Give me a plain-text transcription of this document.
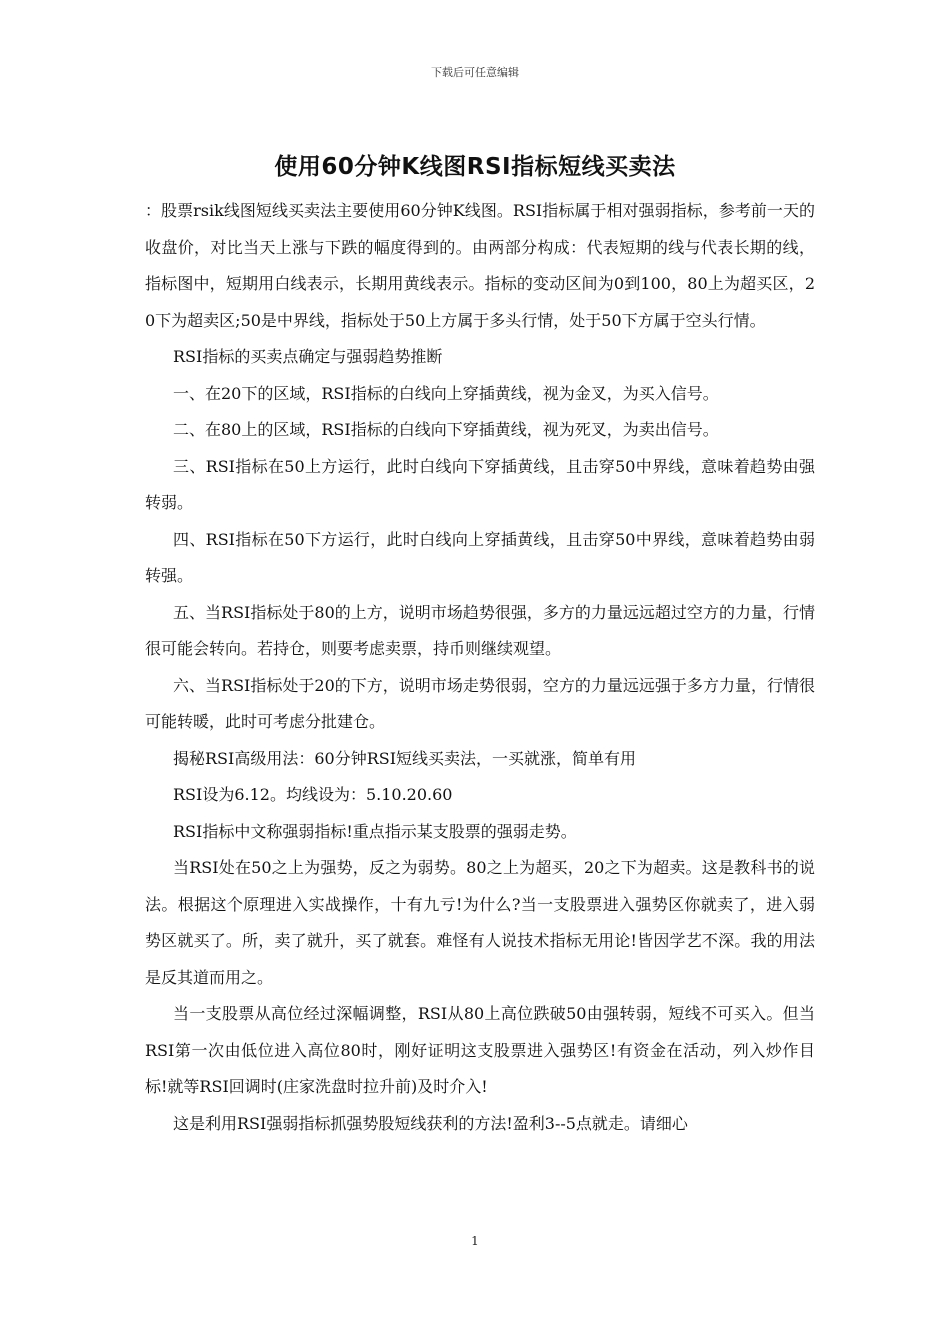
下载后可任意编辑
使用60分钟K线图RSI指标短线买卖法

：股票rsik线图短线买卖法主要使用60分钟K线图。RSI指标属于相对强弱指标，参考前一天的收盘价，对比当天上涨与下跌的幅度得到的。由两部分构成：代表短期的线与代表长期的线，指标图中，短期用白线表示，长期用黄线表示。指标的变动区间为0到100，80上为超买区，20下为超卖区;50是中界线，指标处于50上方属于多头行情，处于50下方属于空头行情。

RSI指标的买卖点确定与强弱趋势推断

一、在20下的区域，RSI指标的白线向上穿插黄线，视为金叉，为买入信号。

二、在80上的区域，RSI指标的白线向下穿插黄线，视为死叉，为卖出信号。

三、RSI指标在50上方运行，此时白线向下穿插黄线，且击穿50中界线，意味着趋势由强转弱。

四、RSI指标在50下方运行，此时白线向上穿插黄线，且击穿50中界线，意味着趋势由弱转强。

五、当RSI指标处于80的上方，说明市场趋势很强，多方的力量远远超过空方的力量，行情很可能会转向。若持仓，则要考虑卖票，持币则继续观望。

六、当RSI指标处于20的下方，说明市场走势很弱，空方的力量远远强于多方力量，行情很可能转暖，此时可考虑分批建仓。

揭秘RSI高级用法：60分钟RSI短线买卖法，一买就涨，简单有用

RSI设为6.12。均线设为：5.10.20.60

RSI指标中文称强弱指标!重点指示某支股票的强弱走势。

当RSI处在50之上为强势，反之为弱势。80之上为超买，20之下为超卖。这是教科书的说法。根据这个原理进入实战操作，十有九亏!为什么?当一支股票进入强势区你就卖了，进入弱势区就买了。所，卖了就升，买了就套。难怪有人说技术指标无用论!皆因学艺不深。我的用法是反其道而用之。

当一支股票从高位经过深幅调整，RSI从80上高位跌破50由强转弱，短线不可买入。但当RSI第一次由低位进入高位80时，刚好证明这支股票进入强势区!有资金在活动，列入炒作目标!就等RSI回调时(庄家洗盘时拉升前)及时介入!

这是利用RSI强弱指标抓强势股短线获利的方法!盈利3--5点就走。请细心

1
